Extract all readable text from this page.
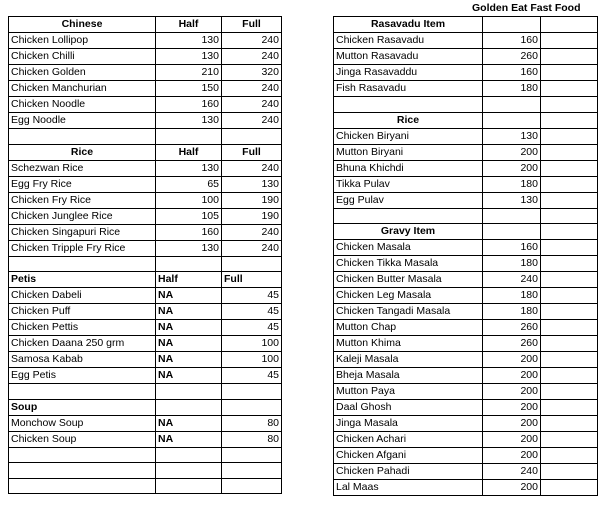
Golden Eat Fast Food
Chinese	Half	Full
Chicken Lollipop	130	240
Chicken Chilli	130	240
Chicken Golden	210	320
Chicken Manchurian	150	240
Chicken Noodle	160	240
Egg Noodle	130	240

Rice	Half	Full
Schezwan Rice	130	240
Egg Fry Rice	65	130
Chicken Fry Rice	100	190
Chicken Junglee Rice	105	190
Chicken Singapuri Rice	160	240
Chicken Tripple Fry Rice	130	240

Petis	Half	Full
Chicken Dabeli	NA	45
Chicken Puff	NA	45
Chicken Pettis	NA	45
Chicken Daana 250 grm	NA	100
Samosa Kabab	NA	100
Egg Petis	NA	45

Soup		
Monchow Soup	NA	80
Chicken Soup	NA	80

Rasavadu Item		
Chicken Rasavadu	160	
Mutton Rasavadu	260	
Jinga Rasavaddu	160	
Fish Rasavadu	180	

Rice		
Chicken Biryani	130	
Mutton Biryani	200	
Bhuna Khichdi	200	
Tikka Pulav	180	
Egg Pulav	130	

Gravy Item		
Chicken Masala	160	
Chicken Tikka Masala	180	
Chicken Butter Masala	240	
Chicken Leg Masala	180	
Chicken Tangadi Masala	180	
Mutton Chap	260	
Mutton Khima	260	
Kaleji Masala	200	
Bheja Masala	200	
Mutton Paya	200	
Daal Ghosh	200	
Jinga Masala	200	
Chicken Achari	200	
Chicken Afgani	200	
Chicken Pahadi	240	
Lal Maas	200	
